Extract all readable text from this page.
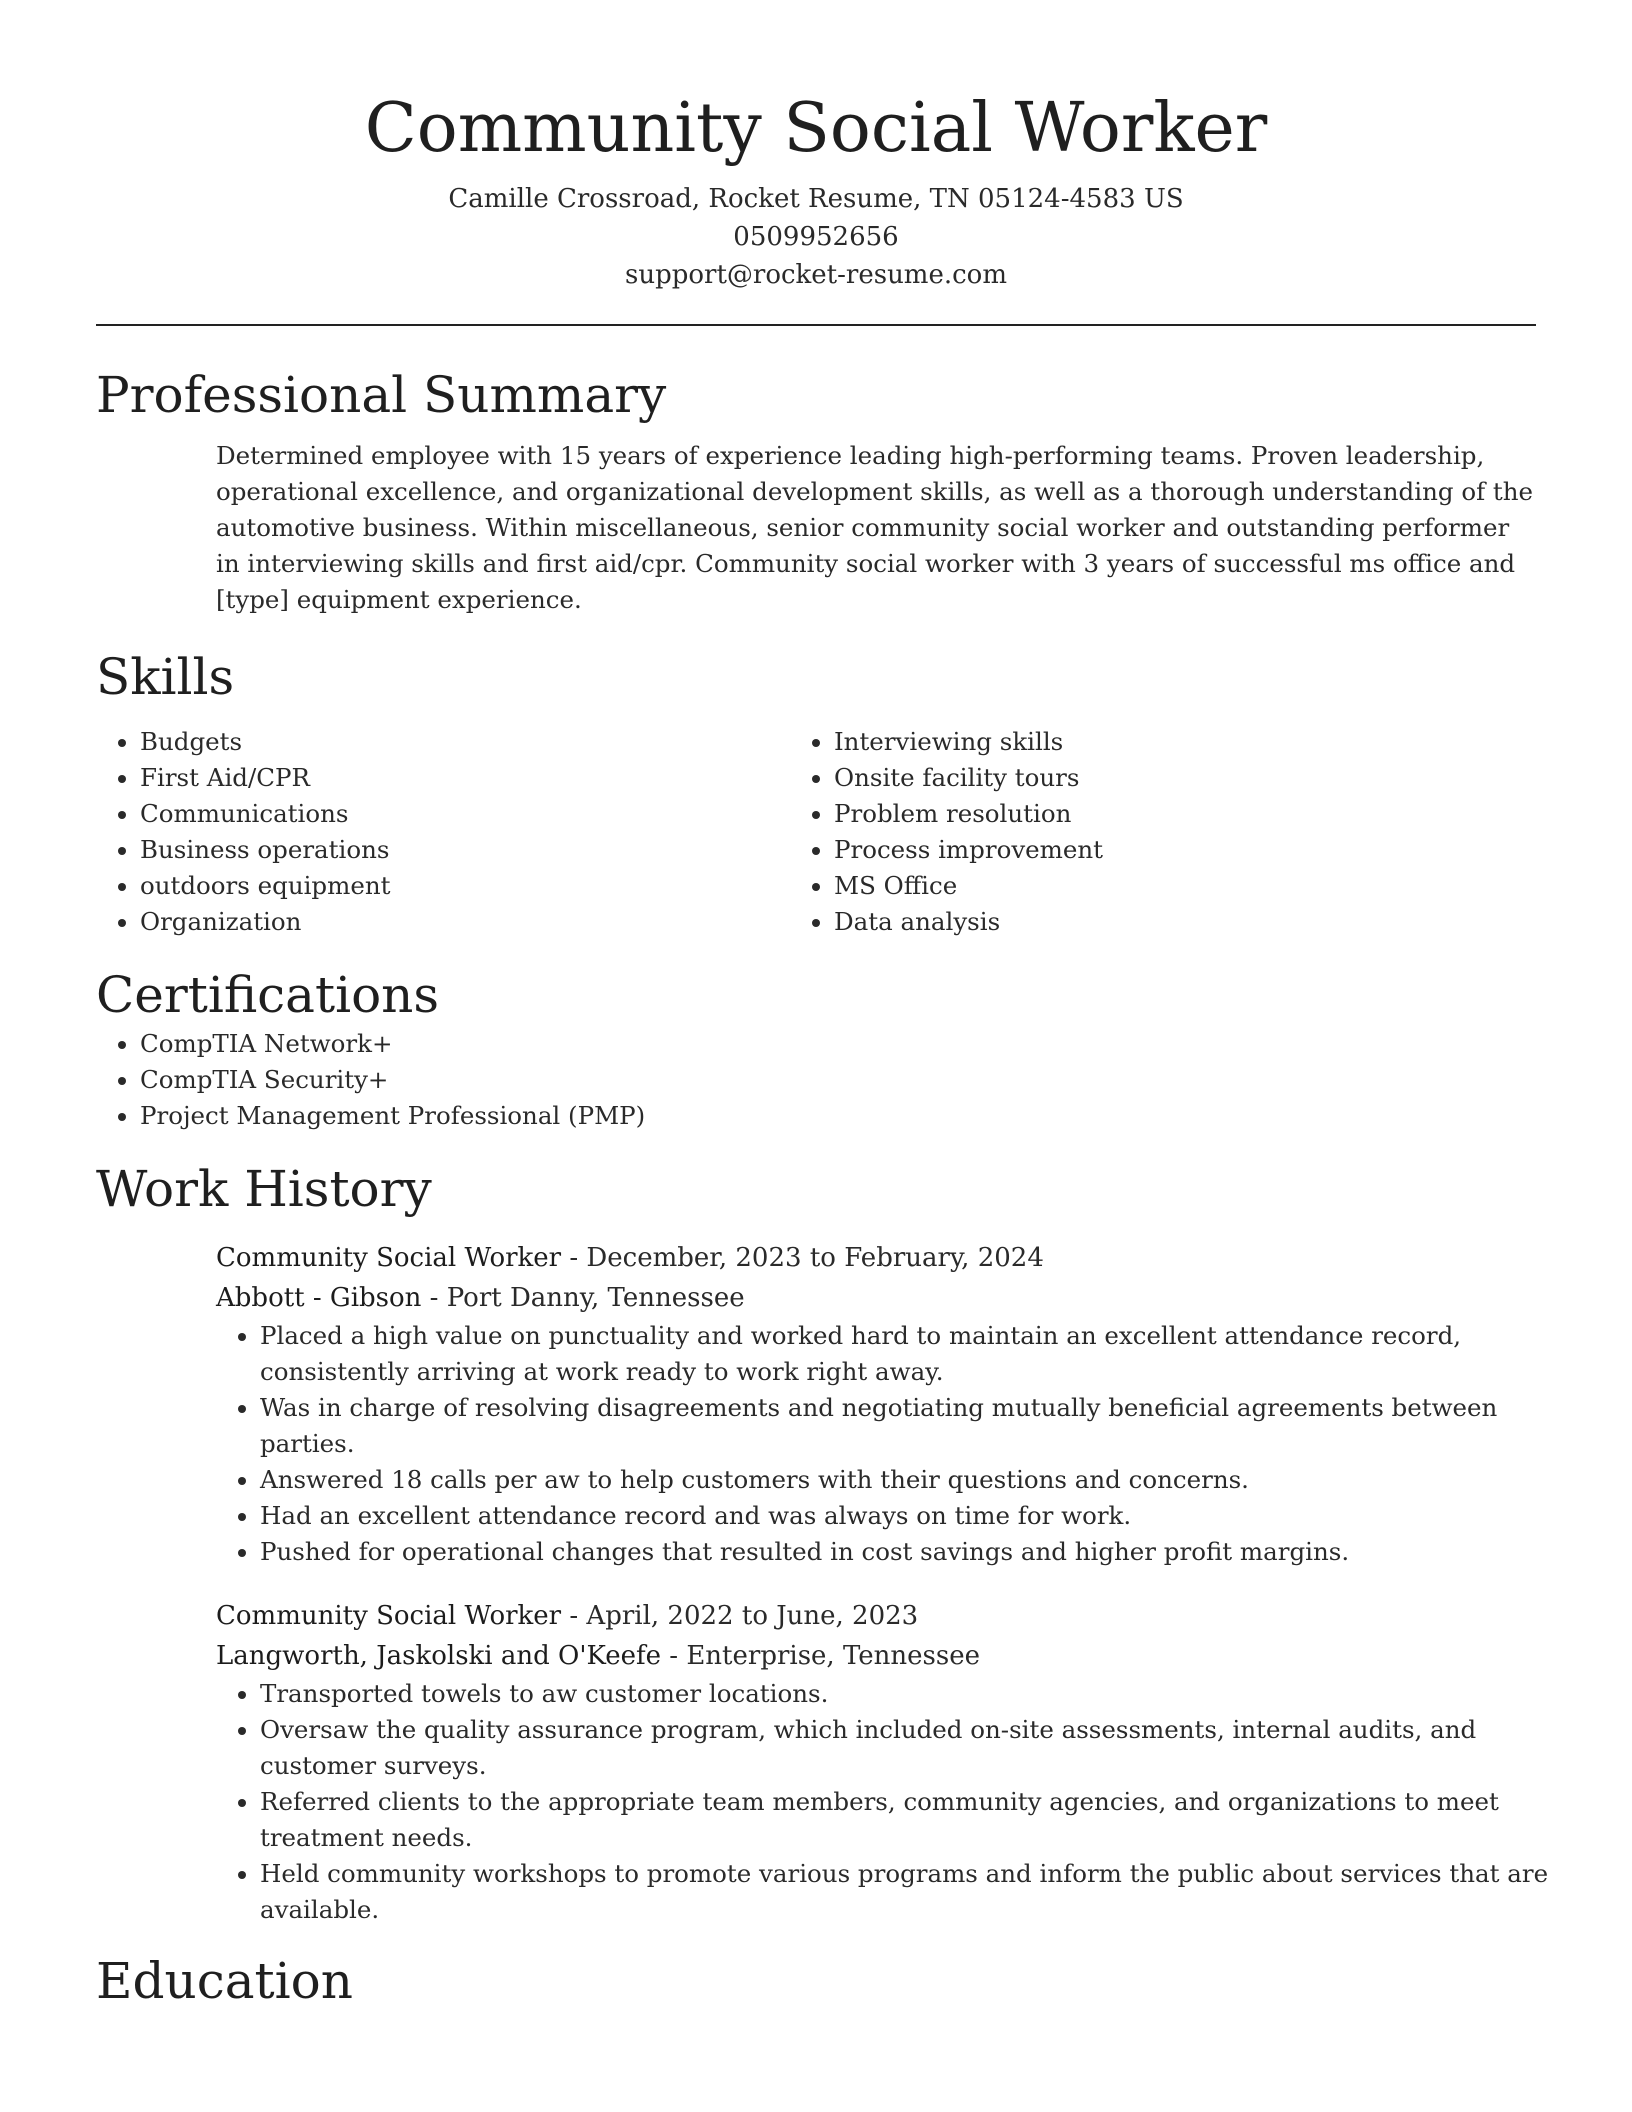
Community Social Worker
Camille Crossroad, Rocket Resume, TN 05124-4583 US
0509952656
support@rocket-resume.com
Professional Summary
Determined employee with 15 years of experience leading high-performing teams. Proven leadership, operational excellence, and organizational development skills, as well as a thorough understanding of the automotive business. Within miscellaneous, senior community social worker and outstanding performer in interviewing skills and first aid/cpr. Community social worker with 3 years of successful ms office and [type] equipment experience.
Skills
• Budgets
• First Aid/CPR
• Communications
• Business operations
• outdoors equipment
• Organization
• Interviewing skills
• Onsite facility tours
• Problem resolution
• Process improvement
• MS Office
• Data analysis
Certifications
• CompTIA Network+
• CompTIA Security+
• Project Management Professional (PMP)
Work History
Community Social Worker - December, 2023 to February, 2024
Abbott - Gibson - Port Danny, Tennessee
• Placed a high value on punctuality and worked hard to maintain an excellent attendance record, consistently arriving at work ready to work right away.
• Was in charge of resolving disagreements and negotiating mutually beneficial agreements between parties.
• Answered 18 calls per aw to help customers with their questions and concerns.
• Had an excellent attendance record and was always on time for work.
• Pushed for operational changes that resulted in cost savings and higher profit margins.
Community Social Worker - April, 2022 to June, 2023
Langworth, Jaskolski and O'Keefe - Enterprise, Tennessee
• Transported towels to aw customer locations.
• Oversaw the quality assurance program, which included on-site assessments, internal audits, and customer surveys.
• Referred clients to the appropriate team members, community agencies, and organizations to meet treatment needs.
• Held community workshops to promote various programs and inform the public about services that are available.
Education
